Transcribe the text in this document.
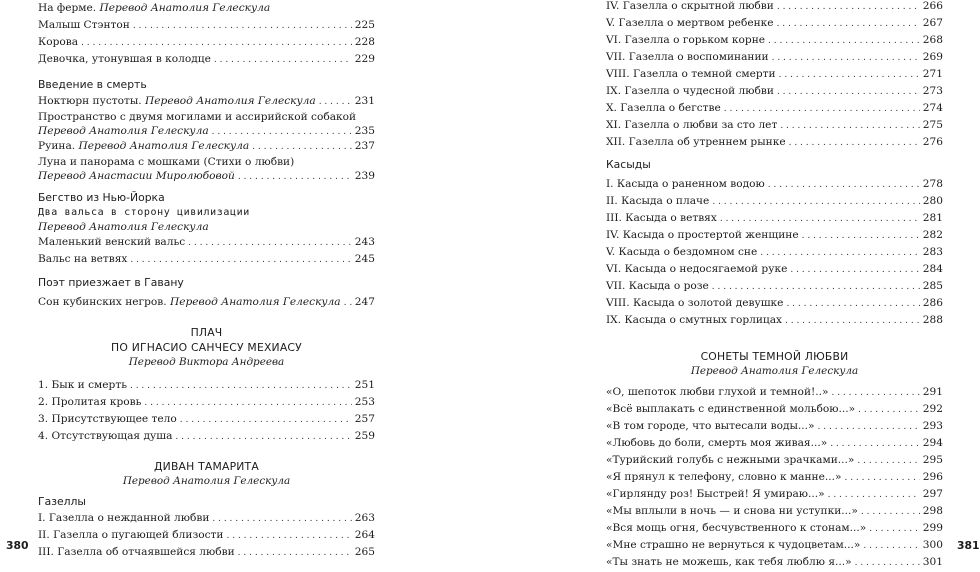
На ферме. Перевод Анатолия Гелескула
Малыш Стэнтон . . .	225
Корова . . .	228
Девочка, утонувшая в колодце . . .	229
Введение в смерть
Ноктюрн пустоты. Перевод Анатолия Гелескула . . .	231
Пространство с двумя могилами и ассирийской собакой
Перевод Анатолия Гелескула . . .	235
Руина. Перевод Анатолия Гелескула . . .	237
Луна и панорама с мошками (Стихи о любви)
Перевод Анастасии Миролюбовой . . .	239
Бегство из Нью-Йорка
Два вальса в сторону цивилизации
Перевод Анатолия Гелескула
Маленький венский вальс . . .	243
Вальс на ветвях . . .	245
Поэт приезжает в Гавану
Сон кубинских негров. Перевод Анатолия Гелескула . . . 247
ПЛАЧ
ПО ИГНАСИО САНЧЕСУ МЕХИАСУ
Перевод Виктора Андреева
1. Бык и смерть . . .	251
2. Пролитая кровь . . .	253
3. Присутствующее тело . . .	257
4. Отсутствующая душа . . .	259
ДИВАН ТАМАРИТА
Перевод Анатолия Гелескула
Газеллы
I. Газелла о нежданной любви . . .	263
II. Газелла о пугающей близости . . .	264
III. Газелла об отчаявшейся любви . . .	265
380
IV. Газелла о скрытной любви . . .	266
V. Газелла о мертвом ребенке . . .	267
VI. Газелла о горьком корне . . .	268
VII. Газелла о воспоминании . . .	269
VIII. Газелла о темной смерти . . .	271
IX. Газелла о чудесной любви . . .	273
X. Газелла о бегстве . . .	274
XI. Газелла о любви за сто лет . . .	275
XII. Газелла об утреннем рынке . . .	276
Касыды
I. Касыда о раненном водою . . .	278
II. Касыда о плаче . . .	280
III. Касыда о ветвях . . .	281
IV. Касыда о простертой женщине . . .	282
V. Касыда о бездомном сне . . .	283
VI. Касыда о недосягаемой руке . . .	284
VII. Касыда о розе . . .	285
VIII. Касыда о золотой девушке . . .	286
IX. Касыда о смутных горлицах . . .	288
СОНЕТЫ ТЕМНОЙ ЛЮБВИ
Перевод Анатолия Гелескула
«О, шепоток любви глухой и темной!..» . . .	291
«Всё выплакать с единственной мольбою...» . . .	292
«В том городе, что вытесали воды...» . . .	293
«Любовь до боли, смерть моя живая...» . . .	294
«Турийский голубь с нежными зрачками...» . . .	295
«Я прянул к телефону, словно к манне...» . . .	296
«Гирлянду роз! Быстрей! Я умираю...» . . .	297
«Мы вплыли в ночь — и снова ни уступки...» . . .	298
«Вся мощь огня, бесчувственного к стонам...» . . .	299
«Мне страшно не вернуться к чудоцветам...» . . .	300
«Ты знать не можешь, как тебя люблю я...» . . .	301
381
